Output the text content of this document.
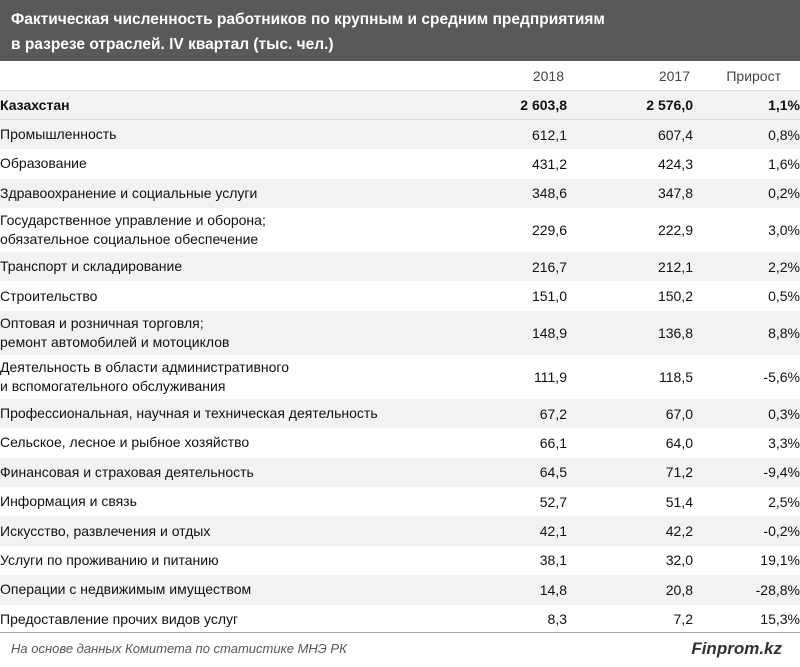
Фактическая численность работников по крупным и средним предприятиям
в разрезе отраслей. IV квартал (тыс. чел.)
	2018	2017	Прирост

Казахстан	2 603,8	2 576,0	1,1%

Промышленность	612,1	607,4	0,8%

Образование	431,2	424,3	1,6%

Здравоохранение и социальные услуги	348,6	347,8	0,2%

Государственное управление и оборона;
обязательное социальное обеспечение	229,6	222,9	3,0%

Транспорт и складирование	216,7	212,1	2,2%

Строительство	151,0	150,2	0,5%

Оптовая и розничная торговля;
ремонт автомобилей и мотоциклов	148,9	136,8	8,8%

Деятельность в области административного
и вспомогательного обслуживания	111,9	118,5	-5,6%

Профессиональная, научная и техническая деятельность	67,2	67,0	0,3%

Сельское, лесное и рыбное хозяйство	66,1	64,0	3,3%

Финансовая и страховая деятельность	64,5	71,2	-9,4%

Информация и связь	52,7	51,4	2,5%

Искусство, развлечения и отдых	42,1	42,2	-0,2%

Услуги по проживанию и питанию	38,1	32,0	19,1%

Операции с недвижимым имуществом	14,8	20,8	-28,8%

Предоставление прочих видов услуг	8,3	7,2	15,3%
На основе данных Комитета по статистике МНЭ РК	Finprom.kz
